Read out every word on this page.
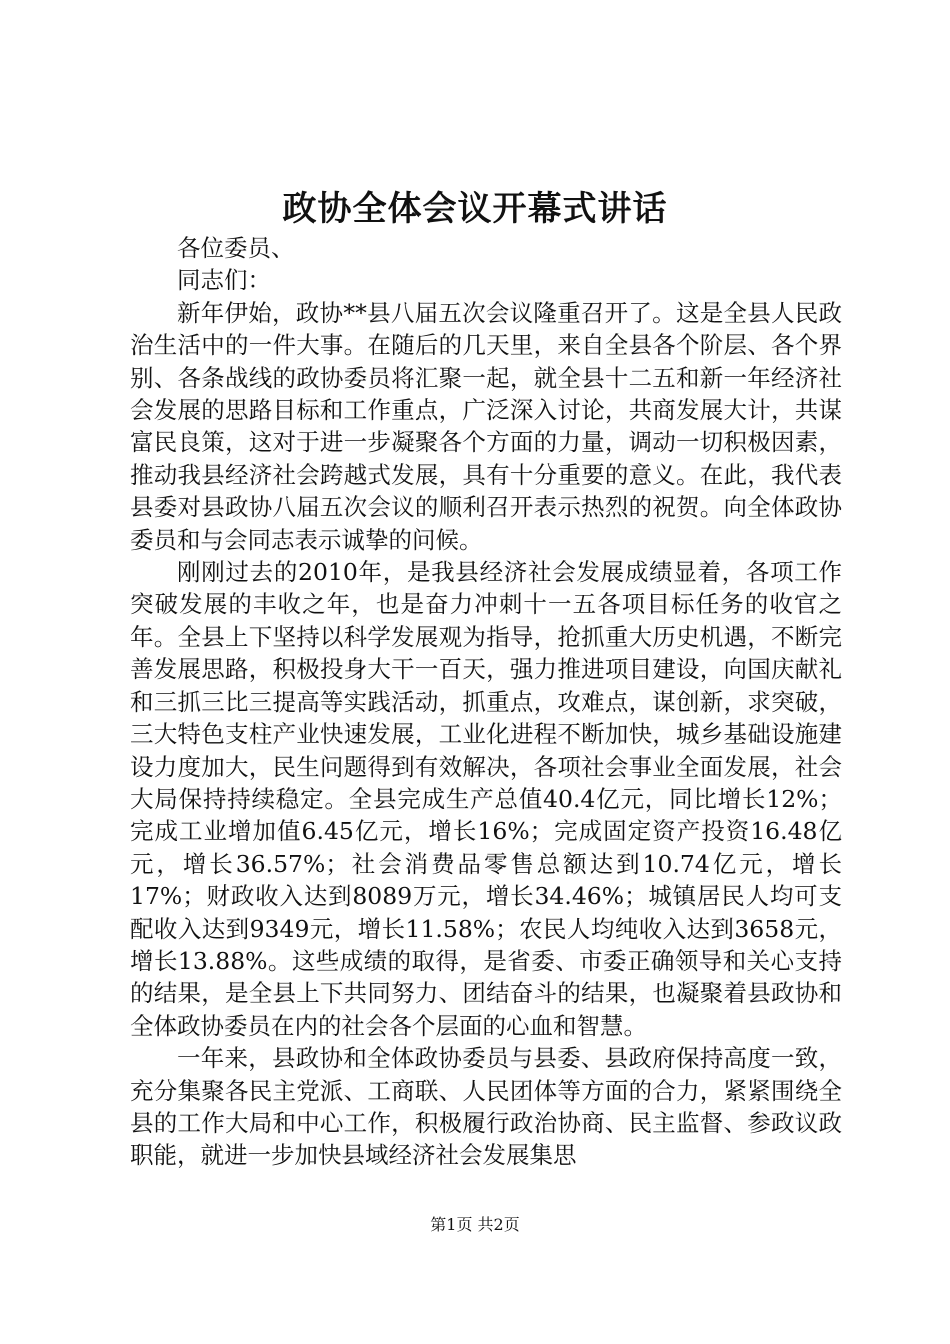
政协全体会议开幕式讲话

各位委员、

同志们：

新年伊始，政协**县八届五次会议隆重召开了。这是全县人民政治生活中的一件大事。在随后的几天里，来自全县各个阶层、各个界别、各条战线的政协委员将汇聚一起，就全县十二五和新一年经济社会发展的思路目标和工作重点，广泛深入讨论，共商发展大计，共谋富民良策，这对于进一步凝聚各个方面的力量，调动一切积极因素，推动我县经济社会跨越式发展，具有十分重要的意义。在此，我代表县委对县政协八届五次会议的顺利召开表示热烈的祝贺。向全体政协委员和与会同志表示诚挚的问候。

刚刚过去的2010年，是我县经济社会发展成绩显着，各项工作突破发展的丰收之年，也是奋力冲刺十一五各项目标任务的收官之年。全县上下坚持以科学发展观为指导，抢抓重大历史机遇，不断完善发展思路，积极投身大干一百天，强力推进项目建设，向国庆献礼和三抓三比三提高等实践活动，抓重点，攻难点，谋创新，求突破，三大特色支柱产业快速发展，工业化进程不断加快，城乡基础设施建设力度加大，民生问题得到有效解决，各项社会事业全面发展，社会大局保持持续稳定。全县完成生产总值40.4亿元，同比增长12%；完成工业增加值6.45亿元，增长16%；完成固定资产投资16.48亿元，增长36.57%；社会消费品零售总额达到10.74亿元，增长17%；财政收入达到8089万元，增长34.46%；城镇居民人均可支配收入达到9349元，增长11.58%；农民人均纯收入达到3658元，增长13.88%。这些成绩的取得，是省委、市委正确领导和关心支持的结果，是全县上下共同努力、团结奋斗的结果，也凝聚着县政协和全体政协委员在内的社会各个层面的心血和智慧。

一年来，县政协和全体政协委员与县委、县政府保持高度一致，充分集聚各民主党派、工商联、人民团体等方面的合力，紧紧围绕全县的工作大局和中心工作，积极履行政治协商、民主监督、参政议政职能，就进一步加快县域经济社会发展集思

第1页 共2页
